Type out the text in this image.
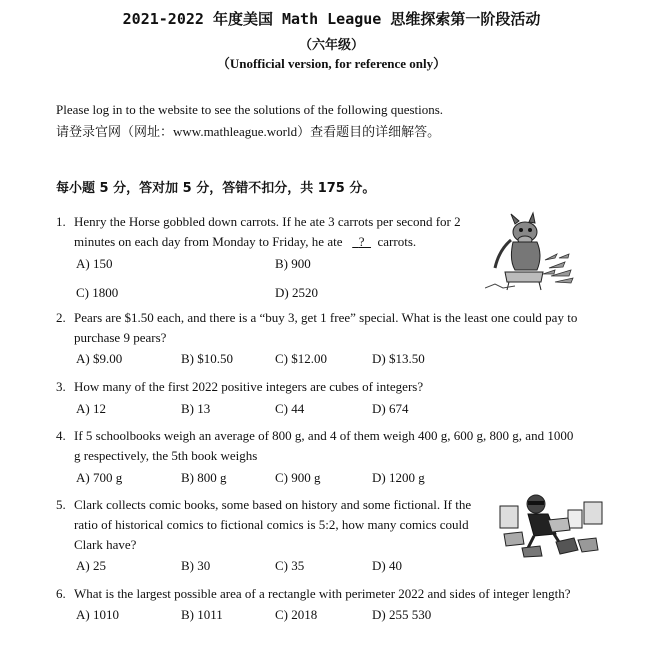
2021-2022 年度美国 Math League 思维探索第一阶段活动
（六年级）
（Unofficial version, for reference only）
Please log in to the website to see the solutions of the following questions.
请登录官网（网址：www.mathleague.world）查看题目的详细解答。
每小题 5 分，答对加 5 分，答错不扣分，共 175 分。
1. Henry the Horse gobbled down carrots. If he ate 3 carrots per second for 2
minutes on each day from Monday to Friday, he ate ? carrots.
A) 150	B) 900
C) 1800	D) 2520
2. Pears are $1.50 each, and there is a “buy 3, get 1 free” special. What is the least one could pay to
purchase 9 pears?
A) $9.00	B) $10.50	C) $12.00	D) $13.50
3. How many of the first 2022 positive integers are cubes of integers?
A) 12	B) 13	C) 44	D) 674
4. If 5 schoolbooks weigh an average of 800 g, and 4 of them weigh 400 g, 600 g, 800 g, and 1000
g respectively, the 5th book weighs
A) 700 g	B) 800 g	C) 900 g	D) 1200 g
5. Clark collects comic books, some based on history and some fictional. If the
ratio of historical comics to fictional comics is 5:2, how many comics could
Clark have?
A) 25	B) 30	C) 35	D) 40
6. What is the largest possible area of a rectangle with perimeter 2022 and sides of integer length?
A) 1010	B) 1011	C) 2018	D) 255 530
